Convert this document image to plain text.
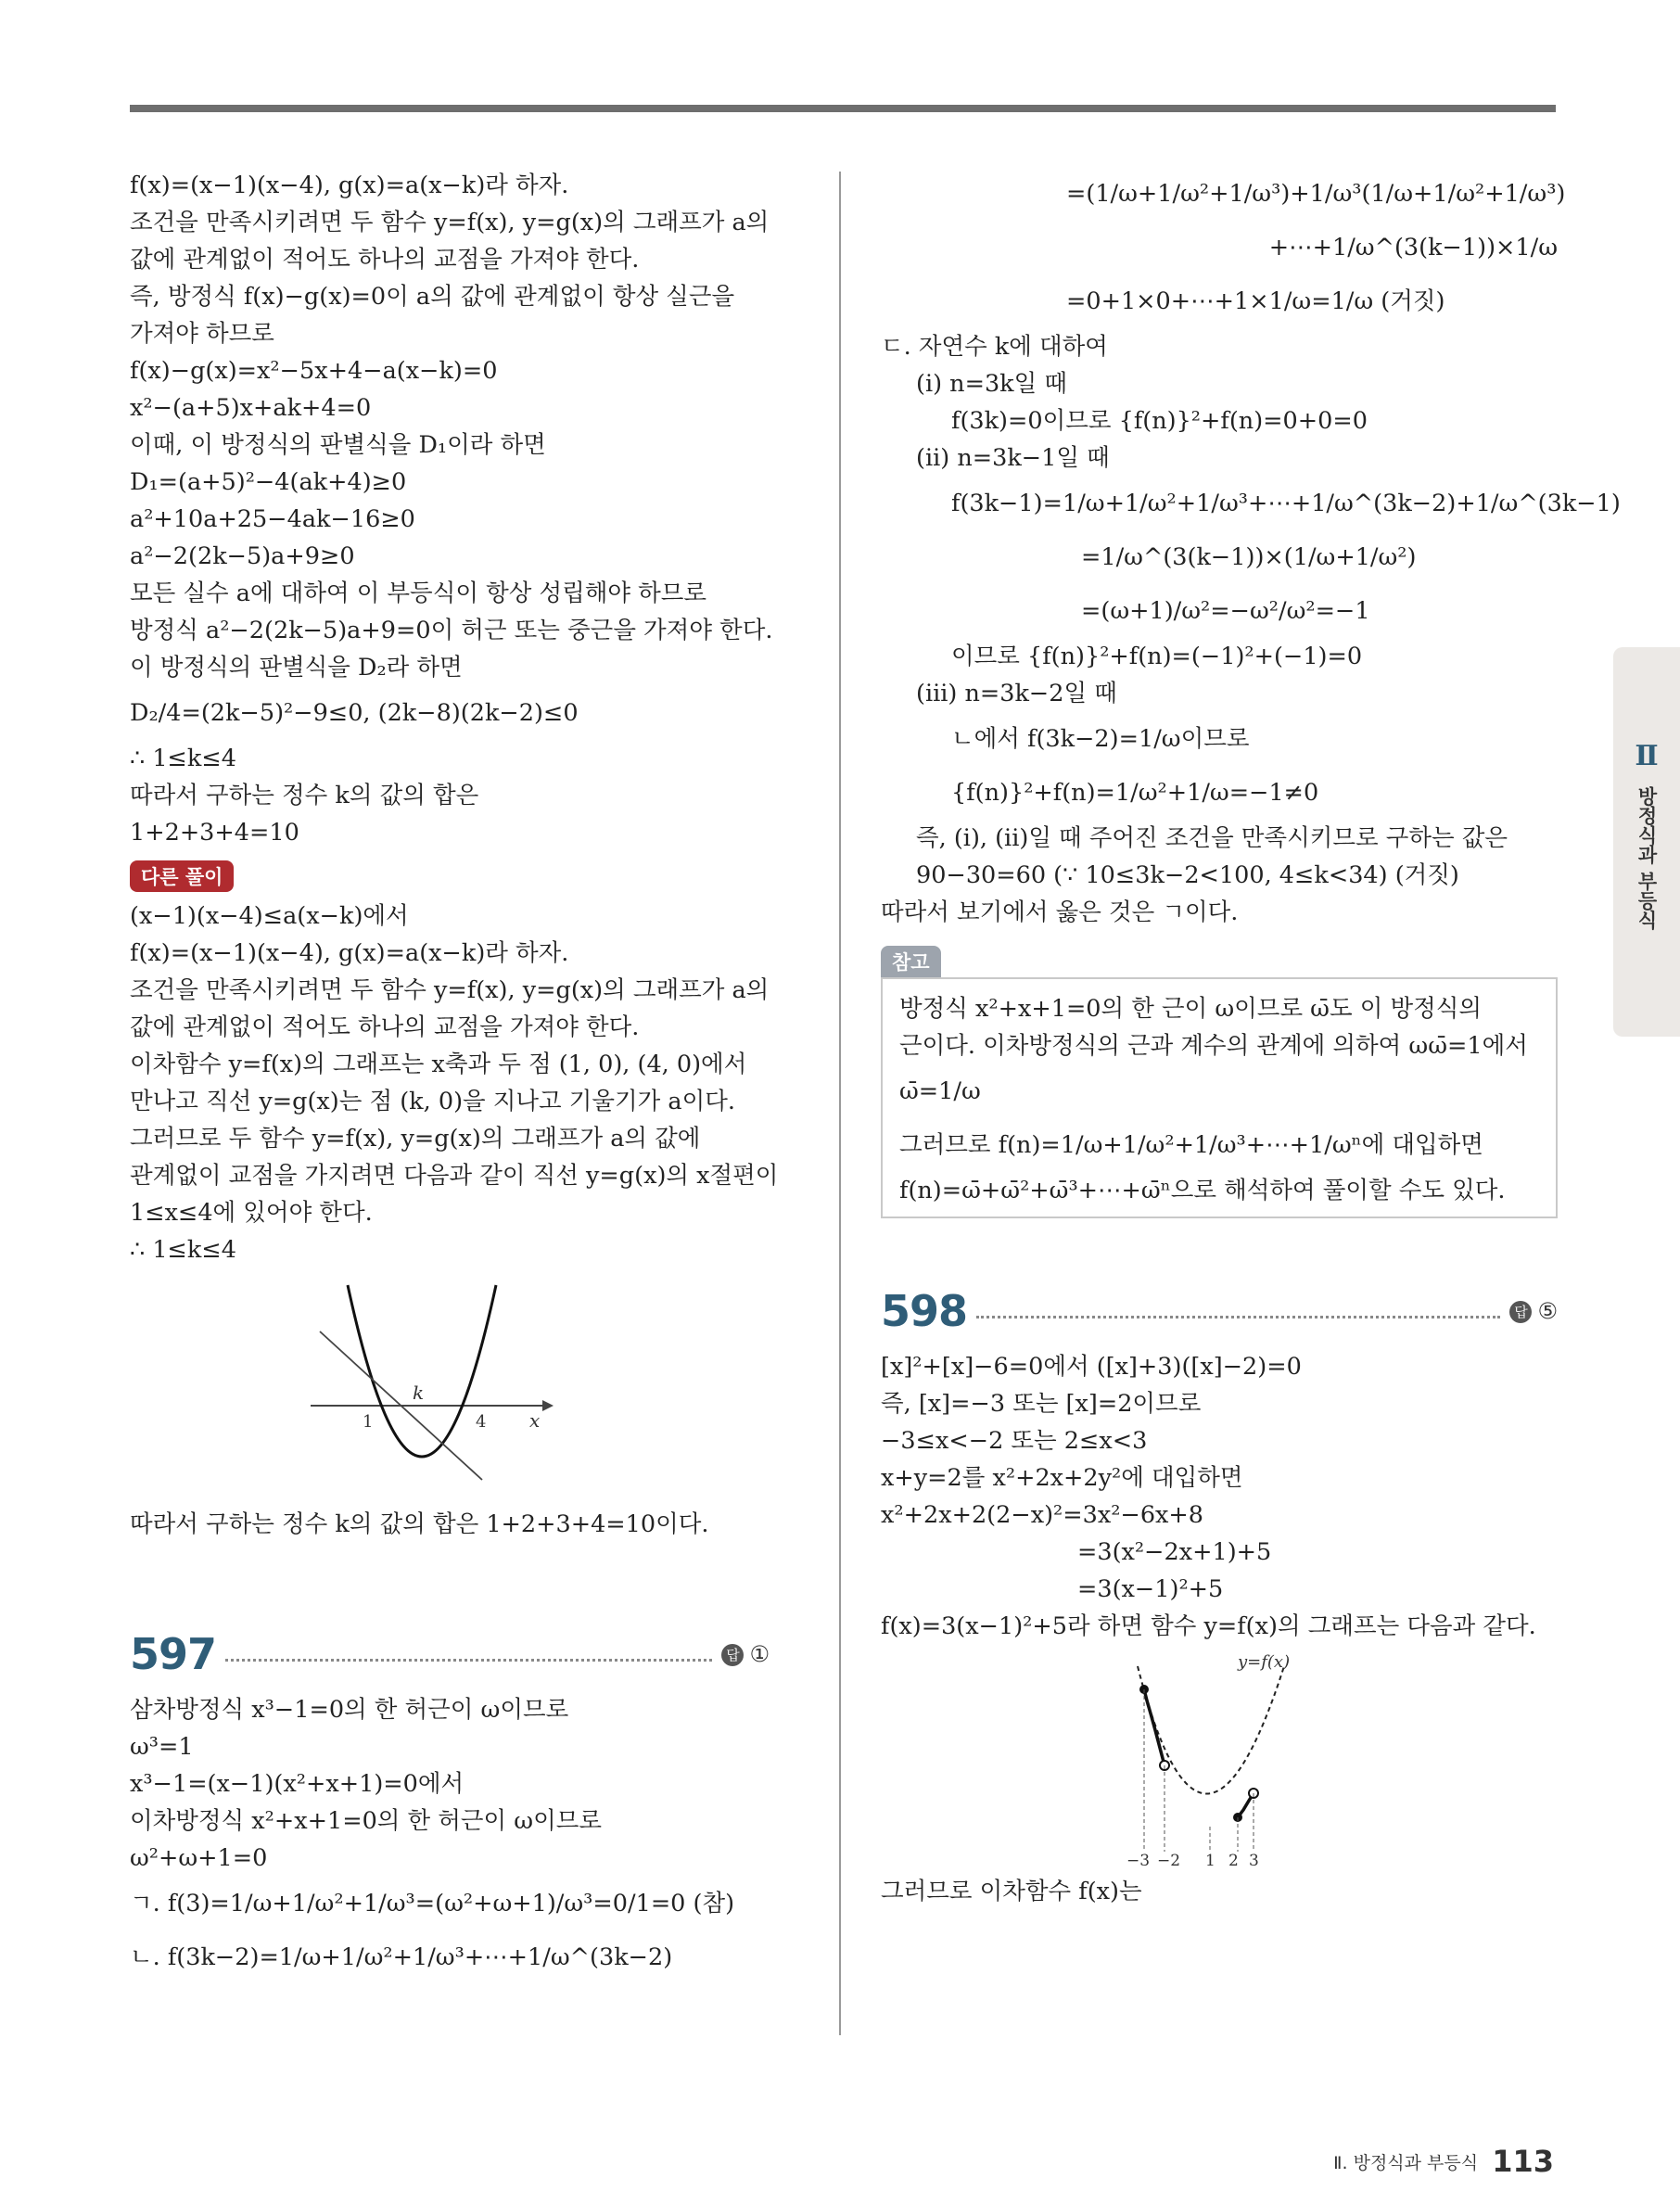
f(x)=(x−1)(x−4), g(x)=a(x−k)라 하자.
조건을 만족시키려면 두 함수 y=f(x), y=g(x)의 그래프가 a의
값에 관계없이 적어도 하나의 교점을 가져야 한다.
즉, 방정식 f(x)−g(x)=0이 a의 값에 관계없이 항상 실근을
가져야 하므로
f(x)−g(x)=x²−5x+4−a(x−k)=0
x²−(a+5)x+ak+4=0
이때, 이 방정식의 판별식을 D₁이라 하면
D₁=(a+5)²−4(ak+4)≥0
a²+10a+25−4ak−16≥0
a²−2(2k−5)a+9≥0
모든 실수 a에 대하여 이 부등식이 항상 성립해야 하므로
방정식 a²−2(2k−5)a+9=0이 허근 또는 중근을 가져야 한다.
이 방정식의 판별식을 D₂라 하면
D₂/4=(2k−5)²−9≤0, (2k−8)(2k−2)≤0
∴ 1≤k≤4
따라서 구하는 정수 k의 값의 합은
1+2+3+4=10
다른 풀이
(x−1)(x−4)≤a(x−k)에서
f(x)=(x−1)(x−4), g(x)=a(x−k)라 하자.
조건을 만족시키려면 두 함수 y=f(x), y=g(x)의 그래프가 a의
값에 관계없이 적어도 하나의 교점을 가져야 한다.
이차함수 y=f(x)의 그래프는 x축과 두 점 (1, 0), (4, 0)에서
만나고 직선 y=g(x)는 점 (k, 0)을 지나고 기울기가 a이다.
그러므로 두 함수 y=f(x), y=g(x)의 그래프가 a의 값에
관계없이 교점을 가지려면 다음과 같이 직선 y=g(x)의 x절편이
1≤x≤4에 있어야 한다.
∴ 1≤k≤4
k
1	4 x
따라서 구하는 정수 k의 값의 합은 1+2+3+4=10이다.
597	답 ①
삼차방정식 x³−1=0의 한 허근이 ω이므로
ω³=1
x³−1=(x−1)(x²+x+1)=0에서
이차방정식 x²+x+1=0의 한 허근이 ω이므로
ω²+ω+1=0
ㄱ. f(3)=1/ω+1/ω²+1/ω³=(ω²+ω+1)/ω³=0/1=0 (참)
ㄴ. f(3k−2)=1/ω+1/ω²+1/ω³+⋯+1/ω^(3k−2)
=(1/ω+1/ω²+1/ω³)+1/ω³(1/ω+1/ω²+1/ω³)
+⋯+1/ω^(3(k−1))×1/ω
=0+1×0+⋯+1×1/ω=1/ω (거짓)
ㄷ. 자연수 k에 대하여
(i) n=3k일 때
f(3k)=0이므로 {f(n)}²+f(n)=0+0=0
(ii) n=3k−1일 때
f(3k−1)=1/ω+1/ω²+1/ω³+⋯+1/ω^(3k−2)+1/ω^(3k−1)
=1/ω^(3(k−1))×(1/ω+1/ω²)
=(ω+1)/ω²=−ω²/ω²=−1
이므로 {f(n)}²+f(n)=(−1)²+(−1)=0
(iii) n=3k−2일 때
ㄴ에서 f(3k−2)=1/ω이므로
{f(n)}²+f(n)=1/ω²+1/ω=−1≠0
즉, (i), (ii)일 때 주어진 조건을 만족시키므로 구하는 값은
90−30=60 (∵ 10≤3k−2<100, 4≤k<34) (거짓)
따라서 보기에서 옳은 것은 ㄱ이다.
참고
방정식 x²+x+1=0의 한 근이 ω이므로 ω̄도 이 방정식의
근이다. 이차방정식의 근과 계수의 관계에 의하여 ωω̄=1에서
ω̄=1/ω
그러므로 f(n)=1/ω+1/ω²+1/ω³+⋯+1/ωⁿ에 대입하면
f(n)=ω̄+ω̄²+ω̄³+⋯+ω̄ⁿ으로 해석하여 풀이할 수도 있다.
598	답 ⑤
[x]²+[x]−6=0에서 ([x]+3)([x]−2)=0
즉, [x]=−3 또는 [x]=2이므로
−3≤x<−2 또는 2≤x<3
x+y=2를 x²+2x+2y²에 대입하면
x²+2x+2(2−x)²=3x²−6x+8
=3(x²−2x+1)+5
=3(x−1)²+5
f(x)=3(x−1)²+5라 하면 함수 y=f(x)의 그래프는 다음과 같다.
y=f(x)
−3 −2 1 2 3
그러므로 이차함수 f(x)는
Ⅱ
방정식과 부등식
Ⅱ. 방정식과 부등식 113
